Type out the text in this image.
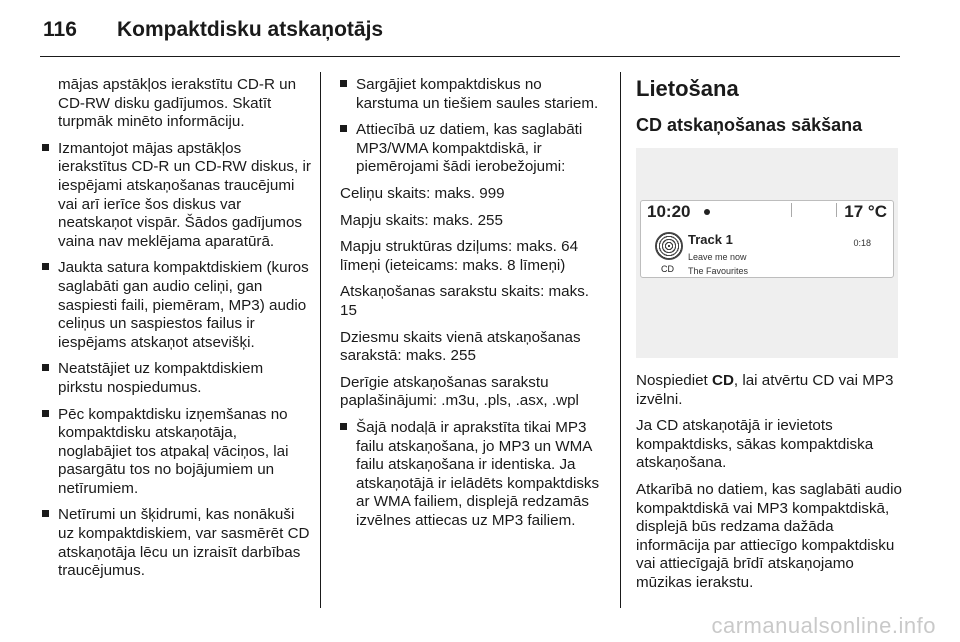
116 Kompaktdisku atskaņotājs

mājas apstākļos ierakstītu CD-R un CD-RW disku gadījumos. Skatīt turpmāk minēto informāciju.

Izmantojot mājas apstākļos ierakstītus CD-R un CD-RW diskus, ir iespējami atskaņošanas traucējumi vai arī ierīce šos diskus var neatskaņot vispār. Šādos gadījumos vaina nav meklējama aparatūrā.
Jaukta satura kompaktdiskiem (kuros saglabāti gan audio celiņi, gan saspiesti faili, piemēram, MP3) audio celiņus un saspiestos failus ir iespējams atskaņot atsevišķi.
Neatstājiet uz kompaktdiskiem pirkstu nospiedumus.
Pēc kompaktdisku izņemšanas no kompaktdisku atskaņotāja, noglabājiet tos atpakaļ vāciņos, lai pasargātu tos no bojājumiem un netīrumiem.
Netīrumi un šķidrumi, kas nonākuši uz kompaktdiskiem, var sasmērēt CD atskaņotāja lēcu un izraisīt darbības traucējumus.
Sargājiet kompaktdiskus no karstuma un tiešiem saules stariem.
Attiecībā uz datiem, kas saglabāti MP3/WMA kompaktdiskā, ir piemērojami šādi ierobežojumi:

Celiņu skaits: maks. 999

Mapju skaits: maks. 255

Mapju struktūras dziļums: maks. 64 līmeņi (ieteicams: maks. 8 līmeņi)

Atskaņošanas sarakstu skaits: maks. 15

Dziesmu skaits vienā atskaņošanas sarakstā: maks. 255

Derīgie atskaņošanas sarakstu paplašinājumi: .m3u, .pls, .asx, .wpl

Šajā nodaļā ir aprakstīta tikai MP3 failu atskaņošana, jo MP3 un WMA failu atskaņošana ir identiska. Ja atskaņotājā ir ielādēts kompaktdisks ar WMA failiem, displejā redzamās izvēlnes attiecas uz MP3 failiem.
Lietošana
CD atskaņošanas sākšana
10:20	17 °C
CD
Track 1	0:18
Leave me now
The Favourites

Nospiediet CD, lai atvērtu CD vai MP3 izvēlni.

Ja CD atskaņotājā ir ievietots kompaktdisks, sākas kompaktdiska atskaņošana.

Atkarībā no datiem, kas saglabāti audio kompaktdiskā vai MP3 kompaktdiskā, displejā būs redzama dažāda informācija par attiecīgo kompaktdisku vai attiecīgajā brīdī atskaņojamo mūzikas ierakstu.

carmanualsonline.info
